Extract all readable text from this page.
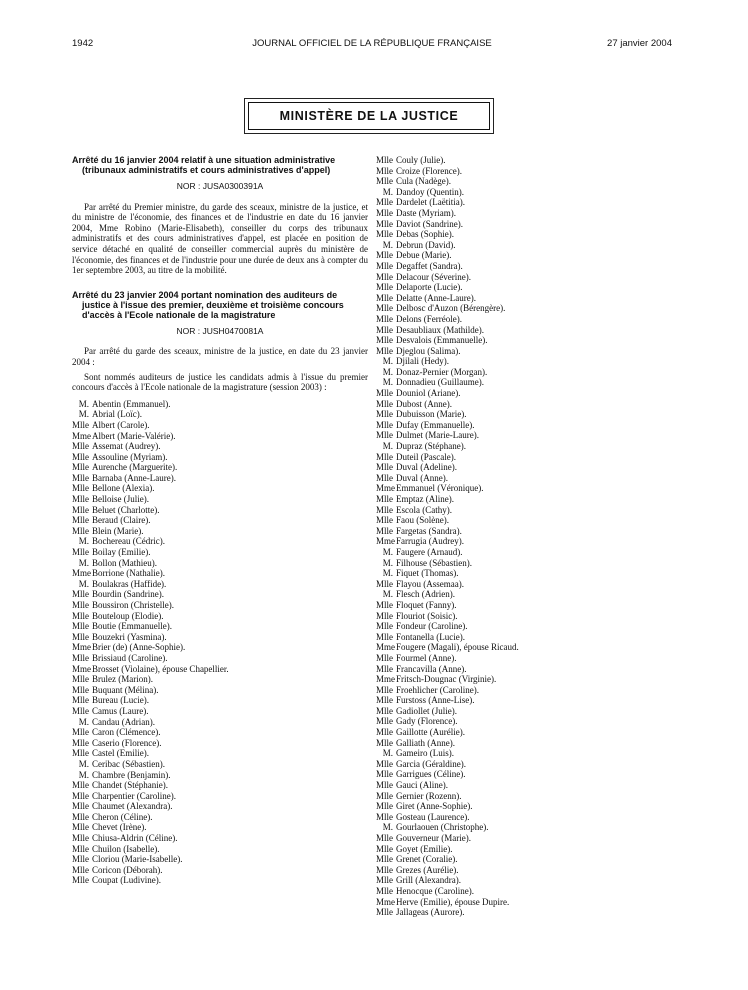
1942	JOURNAL OFFICIEL DE LA RÉPUBLIQUE FRANÇAISE	27 janvier 2004
MINISTÈRE DE LA JUSTICE
Arrêté du 16 janvier 2004 relatif à une situation administrative (tribunaux administratifs et cours administratives d'appel)
NOR : JUSA0300391A
Par arrêté du Premier ministre, du garde des sceaux, ministre de la justice, et du ministre de l'économie, des finances et de l'industrie en date du 16 janvier 2004, Mme Robino (Marie-Elisabeth), conseiller du corps des tribunaux administratifs et des cours administratives d'appel, est placée en position de service détaché en qualité de conseiller commercial auprès du ministère de l'économie, des finances et de l'industrie pour une durée de deux ans à compter du 1er septembre 2003, au titre de la mobilité.
Arrêté du 23 janvier 2004 portant nomination des auditeurs de justice à l'issue des premier, deuxième et troisième concours d'accès à l'Ecole nationale de la magistrature
NOR : JUSH0470081A
Par arrêté du garde des sceaux, ministre de la justice, en date du 23 janvier 2004 :
Sont nommés auditeurs de justice les candidats admis à l'issue du premier concours d'accès à l'Ecole nationale de la magistrature (session 2003) :
M. Abentin (Emmanuel).
M. Abrial (Loïc).
Mlle Albert (Carole).
MmeAlbert (Marie-Valérie).
Mlle Assemat (Audrey).
Mlle Assouline (Myriam).
Mlle Aurenche (Marguerite).
Mlle Barnaba (Anne-Laure).
Mlle Bellone (Alexia).
Mlle Belloise (Julie).
Mlle Beluet (Charlotte).
Mlle Beraud (Claire).
Mlle Blein (Marie).
M. Bochereau (Cédric).
Mlle Boilay (Emilie).
M. Bollon (Mathieu).
MmeBorrione (Nathalie).
M. Boulakras (Haffide).
Mlle Bourdin (Sandrine).
Mlle Boussiron (Christelle).
Mlle Bouteloup (Elodie).
Mlle Boutie (Emmanuelle).
Mlle Bouzekri (Yasmina).
MmeBrier (de) (Anne-Sophie).
Mlle Brissiaud (Caroline).
MmeBrosset (Violaine), épouse Chapellier.
Mlle Brulez (Marion).
Mlle Buquant (Mélina).
Mlle Bureau (Lucie).
Mlle Camus (Laure).
M. Candau (Adrian).
Mlle Caron (Clémence).
Mlle Caserio (Florence).
Mlle Castel (Emilie).
M. Ceribac (Sébastien).
M. Chambre (Benjamin).
Mlle Chandet (Stéphanie).
Mlle Charpentier (Caroline).
Mlle Chaumet (Alexandra).
Mlle Cheron (Céline).
Mlle Chevet (Irène).
Mlle Chiusa-Aldrin (Céline).
Mlle Chuilon (Isabelle).
Mlle Cloriou (Marie-Isabelle).
Mlle Coricon (Déborah).
Mlle Coupat (Ludivine).
Mlle Couly (Julie).
Mlle Croize (Florence).
Mlle Cula (Nadège).
M. Dandoy (Quentin).
Mlle Dardelet (Laëtitia).
Mlle Daste (Myriam).
Mlle Daviot (Sandrine).
Mlle Debas (Sophie).
M. Debrun (David).
Mlle Debue (Marie).
Mlle Degaffet (Sandra).
Mlle Delacour (Séverine).
Mlle Delaporte (Lucie).
Mlle Delatte (Anne-Laure).
Mlle Delbosc d'Auzon (Bérengère).
Mlle Delons (Ferréole).
Mlle Desaubliaux (Mathilde).
Mlle Desvalois (Emmanuelle).
Mlle Djeglou (Salima).
M. Djilali (Hedy).
M. Donaz-Pernier (Morgan).
M. Donnadieu (Guillaume).
Mlle Douniol (Ariane).
Mlle Dubost (Anne).
Mlle Dubuisson (Marie).
Mlle Dufay (Emmanuelle).
Mlle Dulmet (Marie-Laure).
M. Dupraz (Stéphane).
Mlle Duteil (Pascale).
Mlle Duval (Adeline).
Mlle Duval (Anne).
MmeEmmanuel (Véronique).
Mlle Emptaz (Aline).
Mlle Escola (Cathy).
Mlle Faou (Solène).
Mlle Fargetas (Sandra).
MmeFarrugia (Audrey).
M. Faugere (Arnaud).
M. Filhouse (Sébastien).
M. Fiquet (Thomas).
Mlle Flayou (Assemaa).
M. Flesch (Adrien).
Mlle Floquet (Fanny).
Mlle Flouriot (Soisic).
Mlle Fondeur (Caroline).
Mlle Fontanella (Lucie).
MmeFougere (Magali), épouse Ricaud.
Mlle Fourmel (Anne).
Mlle Francavilla (Anne).
MmeFritsch-Dougnac (Virginie).
Mlle Froehlicher (Caroline).
Mlle Furstoss (Anne-Lise).
Mlle Gadiollet (Julie).
Mlle Gady (Florence).
Mlle Gaillotte (Aurélie).
Mlle Galliath (Anne).
M. Gameiro (Luis).
Mlle Garcia (Géraldine).
Mlle Garrigues (Céline).
Mlle Gauci (Aline).
Mlle Gernier (Rozenn).
Mlle Giret (Anne-Sophie).
Mlle Gosteau (Laurence).
M. Gourlaouen (Christophe).
Mlle Gouverneur (Marie).
Mlle Goyet (Emilie).
Mlle Grenet (Coralie).
Mlle Grezes (Aurélie).
Mlle Grill (Alexandra).
Mlle Henocque (Caroline).
MmeHerve (Emilie), épouse Dupire.
Mlle Jallageas (Aurore).
